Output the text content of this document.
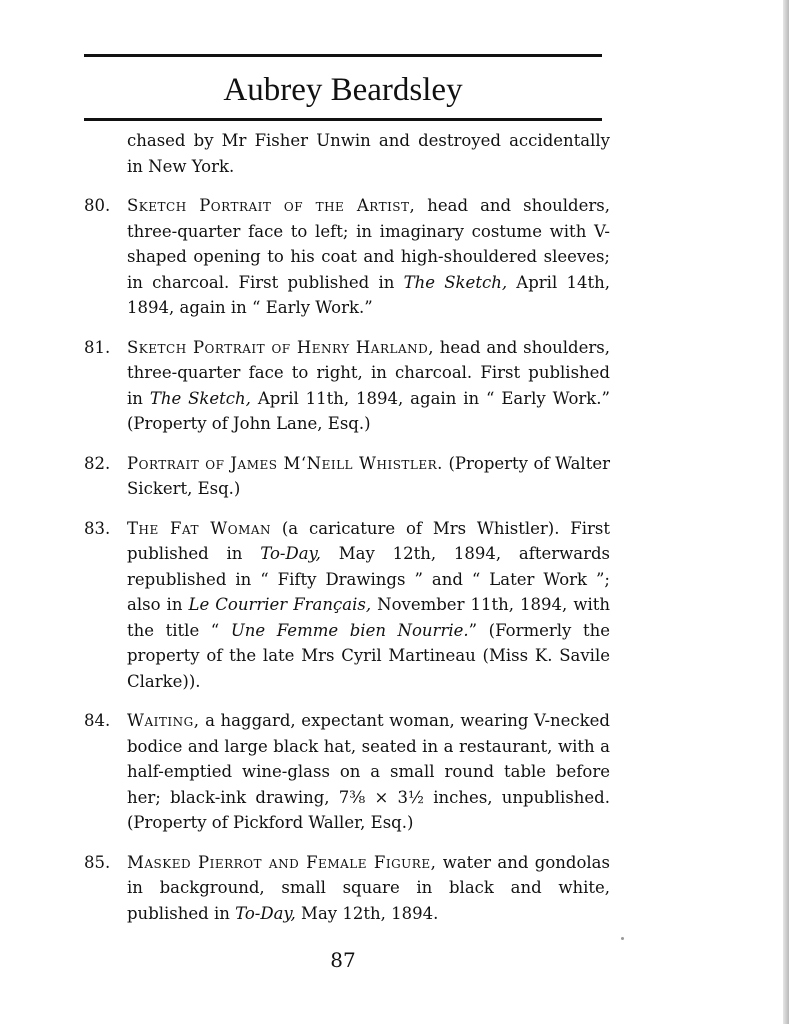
Aubrey Beardsley
chased by Mr Fisher Unwin and destroyed accidentally in New York.
80.	Sketch Portrait of the Artist, head and shoulders, three-quarter face to left; in imaginary costume with V-shaped opening to his coat and high-shouldered sleeves; in charcoal. First published in The Sketch, April 14th, 1894, again in “ Early Work.”
81.	Sketch Portrait of Henry Harland, head and shoulders, three-quarter face to right, in charcoal. First published in The Sketch, April 11th, 1894, again in “ Early Work.” (Property of John Lane, Esq.)
82.	Portrait of James M‘Neill Whistler. (Property of Walter Sickert, Esq.)
83.	The Fat Woman (a caricature of Mrs Whistler). First published in To-Day, May 12th, 1894, afterwards republished in “ Fifty Drawings ” and “ Later Work ”; also in Le Courrier Français, November 11th, 1894, with the title “ Une Femme bien Nourrie.” (Formerly the property of the late Mrs Cyril Martineau (Miss K. Savile Clarke)).
84.	Waiting, a haggard, expectant woman, wearing V-necked bodice and large black hat, seated in a restaurant, with a half-emptied wine-glass on a small round table before her; black-ink drawing, 7⅜ × 3½ inches, unpublished. (Property of Pickford Waller, Esq.)
85.	Masked Pierrot and Female Figure, water and gondolas in background, small square in black and white, published in To-Day, May 12th, 1894.
87
